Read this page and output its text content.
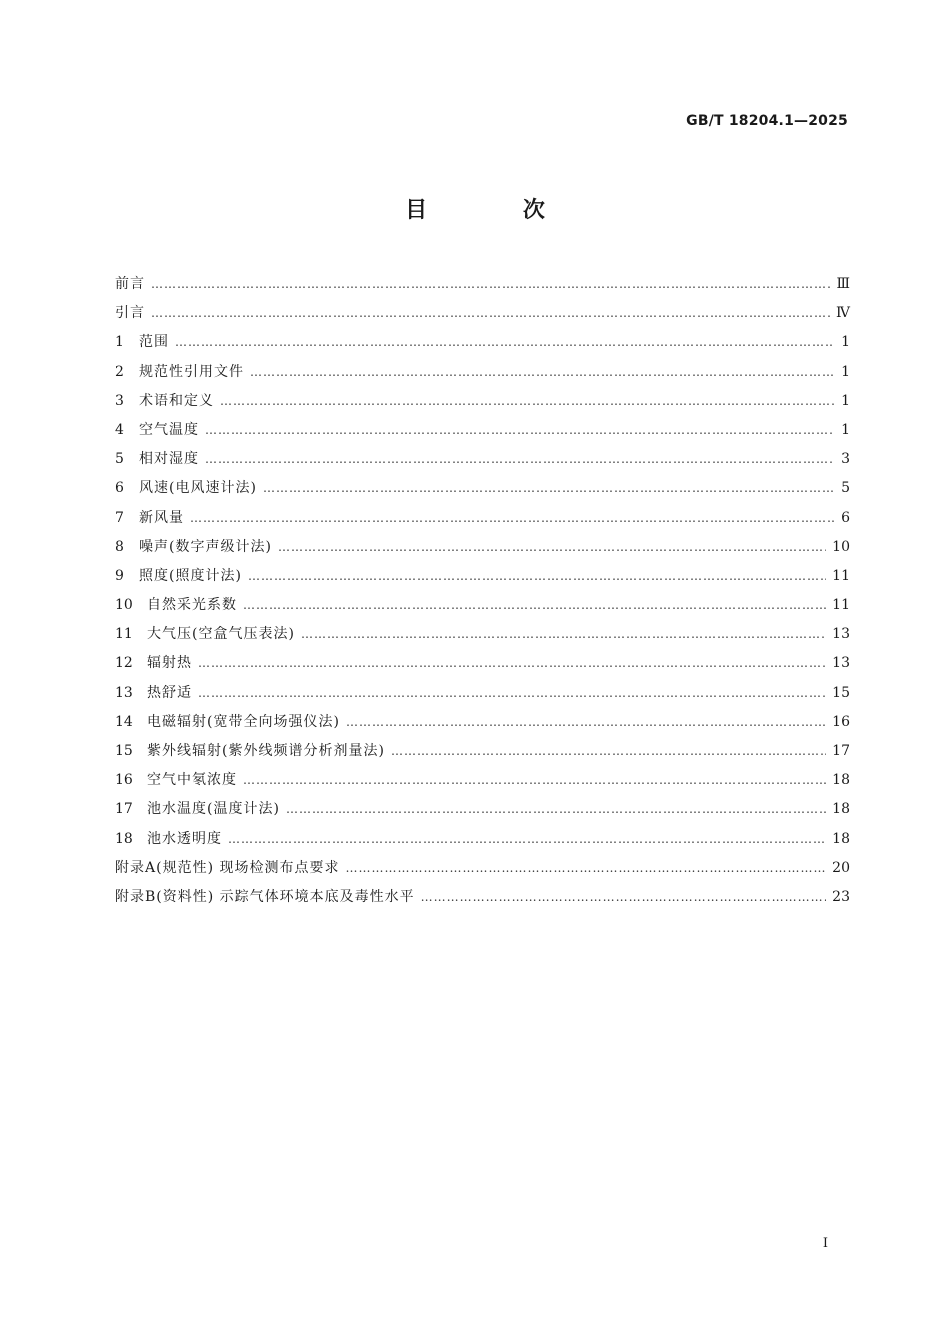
GB/T 18204.1—2025
目 次
前言 ………………………………………………………………………………………………………………………………………………………………………………………………………………………………………………………………	Ⅲ
引言 ………………………………………………………………………………………………………………………………………………………………………………………………………………………………………………………………	Ⅳ
1	范围 ………………………………………………………………………………………………………………………………………………………………………………………………………………………………………………………………	1
2	规范性引用文件 ………………………………………………………………………………………………………………………………………………………………………………………………………………………………………………………………	1
3	术语和定义 ………………………………………………………………………………………………………………………………………………………………………………………………………………………………………………………………	1
4	空气温度 ………………………………………………………………………………………………………………………………………………………………………………………………………………………………………………………………	1
5	相对湿度 ………………………………………………………………………………………………………………………………………………………………………………………………………………………………………………………………	3
6	风速(电风速计法) ………………………………………………………………………………………………………………………………………………………………………………………………………………………………………………………………	5
7	新风量 ………………………………………………………………………………………………………………………………………………………………………………………………………………………………………………………………	6
8	噪声(数字声级计法) ………………………………………………………………………………………………………………………………………………………………………………………………………………………………………………………………	10
9	照度(照度计法) ………………………………………………………………………………………………………………………………………………………………………………………………………………………………………………………………	11
10	自然采光系数 ………………………………………………………………………………………………………………………………………………………………………………………………………………………………………………………………	11
11	大气压(空盒气压表法) ………………………………………………………………………………………………………………………………………………………………………………………………………………………………………………………………	13
12	辐射热 ………………………………………………………………………………………………………………………………………………………………………………………………………………………………………………………………	13
13	热舒适 ………………………………………………………………………………………………………………………………………………………………………………………………………………………………………………………………	15
14	电磁辐射(宽带全向场强仪法) ………………………………………………………………………………………………………………………………………………………………………………………………………………………………………………………………	16
15	紫外线辐射(紫外线频谱分析剂量法) ………………………………………………………………………………………………………………………………………………………………………………………………………………………………………………………………	17
16	空气中氡浓度 ………………………………………………………………………………………………………………………………………………………………………………………………………………………………………………………………	18
17	池水温度(温度计法) ………………………………………………………………………………………………………………………………………………………………………………………………………………………………………………………………	18
18	池水透明度 ………………………………………………………………………………………………………………………………………………………………………………………………………………………………………………………………	18
附录A(规范性) 现场检测布点要求 ………………………………………………………………………………………………………………………………………………………………………………………………………………………………………………………………	20
附录B(资料性) 示踪气体环境本底及毒性水平 ………………………………………………………………………………………………………………………………………………………………………………………………………………………………………………………………	23
I
